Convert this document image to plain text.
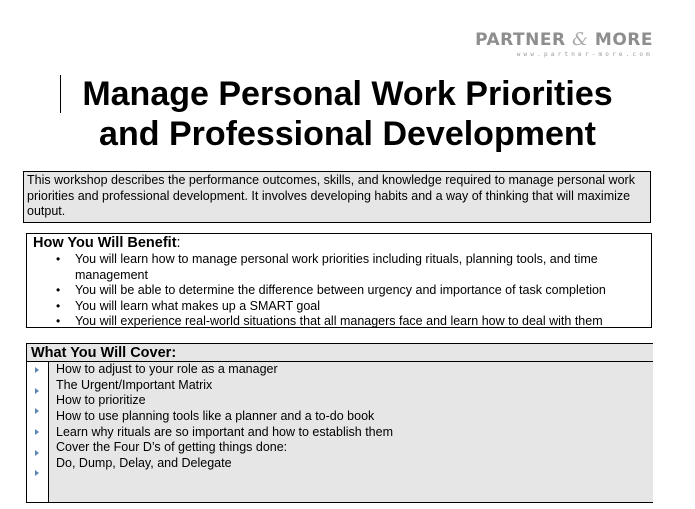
PARTNER & MORE
www.partner-more.com
Manage Personal Work Priorities
and Professional Development
This workshop describes the performance outcomes, skills, and knowledge required to manage personal work priorities and professional development. It involves developing habits and a way of thinking that will maximize output.
How You Will Benefit:
• You will learn how to manage personal work priorities including rituals, planning tools, and time management
• You will be able to determine the difference between urgency and importance of task completion
• You will learn what makes up a SMART goal
• You will experience real-world situations that all managers face and learn how to deal with them
What You Will Cover:
How to adjust to your role as a manager
The Urgent/Important Matrix
How to prioritize
How to use planning tools like a planner and a to-do book
Learn why rituals are so important and how to establish them
Cover the Four D’s of getting things done:
Do, Dump, Delay, and Delegate
